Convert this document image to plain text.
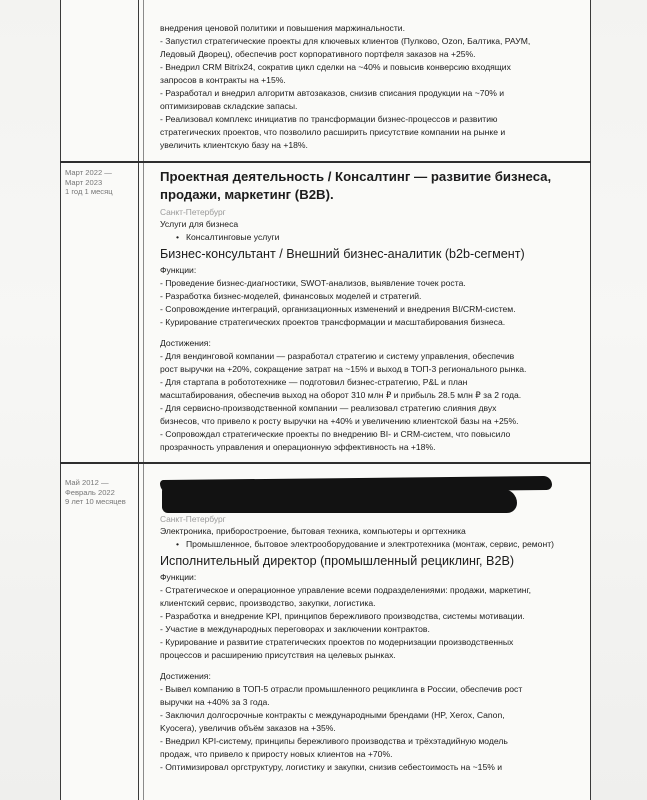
внедрения ценовой политики и повышения маржинальности.

- Запустил стратегические проекты для ключевых клиентов (Пулково, Ozon, Балтика, РАУМ,

Ледовый Дворец), обеспечив рост корпоративного портфеля заказов на +25%.

- Внедрил CRM Bitrix24, сократив цикл сделки на ~40% и повысив конверсию входящих

запросов в контракты на +15%.

- Разработал и внедрил алгоритм автозаказов, снизив списания продукции на ~70% и

оптимизировав складские запасы.

- Реализовал комплекс инициатив по трансформации бизнес-процессов и развитию

стратегических проектов, что позволило расширить присутствие компании на рынке и

увеличить клиентскую базу на +18%.

Март 2022 —
Март 2023
1 год 1 месяц

Проектная деятельность / Консалтинг — развитие бизнеса, продажи, маркетинг (B2B).

Санкт-Петербург

Услуги для бизнеса

• Консалтинговые услуги

Бизнес-консультант / Внешний бизнес-аналитик (b2b-сегмент)

Функции:

- Проведение бизнес-диагностики, SWOT-анализов, выявление точек роста.

- Разработка бизнес-моделей, финансовых моделей и стратегий.

- Сопровождение интеграций, организационных изменений и внедрения BI/CRM-систем.

- Курирование стратегических проектов трансформации и масштабирования бизнеса.

Достижения:

- Для вендинговой компании — разработал стратегию и систему управления, обеспечив

рост выручки на +20%, сокращение затрат на ~15% и выход в ТОП-3 регионального рынка.

- Для стартапа в робототехнике — подготовил бизнес-стратегию, P&L и план

масштабирования, обеспечив выход на оборот 310 млн ₽ и прибыль 28.5 млн ₽ за 2 года.

- Для сервисно-производственной компании — реализовал стратегию слияния двух

бизнесов, что привело к росту выручки на +40% и увеличению клиентской базы на +25%.

- Сопровождал стратегические проекты по внедрению BI- и CRM-систем, что повысило

прозрачность управления и операционную эффективность на +18%.

Май 2012 —
Февраль 2022
9 лет 10 месяцев

Санкт-Петербург

Электроника, приборостроение, бытовая техника, компьютеры и оргтехника

• Промышленное, бытовое электрооборудование и электротехника (монтаж, сервис, ремонт)

Исполнительный директор (промышленный рециклинг, B2B)

Функции:

- Стратегическое и операционное управление всеми подразделениями: продажи, маркетинг,

клиентский сервис, производство, закупки, логистика.

- Разработка и внедрение KPI, принципов бережливого производства, системы мотивации.

- Участие в международных переговорах и заключении контрактов.

- Курирование и развитие стратегических проектов по модернизации производственных

процессов и расширению присутствия на целевых рынках.

Достижения:

- Вывел компанию в ТОП-5 отрасли промышленного рециклинга в России, обеспечив рост

выручки на +40% за 3 года.

- Заключил долгосрочные контракты с международными брендами (HP, Xerox, Canon,

Kyocera), увеличив объём заказов на +35%.

- Внедрил KPI-систему, принципы бережливого производства и трёхэтадийную модель

продаж, что привело к приросту новых клиентов на +70%.

- Оптимизировал оргструктуру, логистику и закупки, снизив себестоимость на ~15% и
